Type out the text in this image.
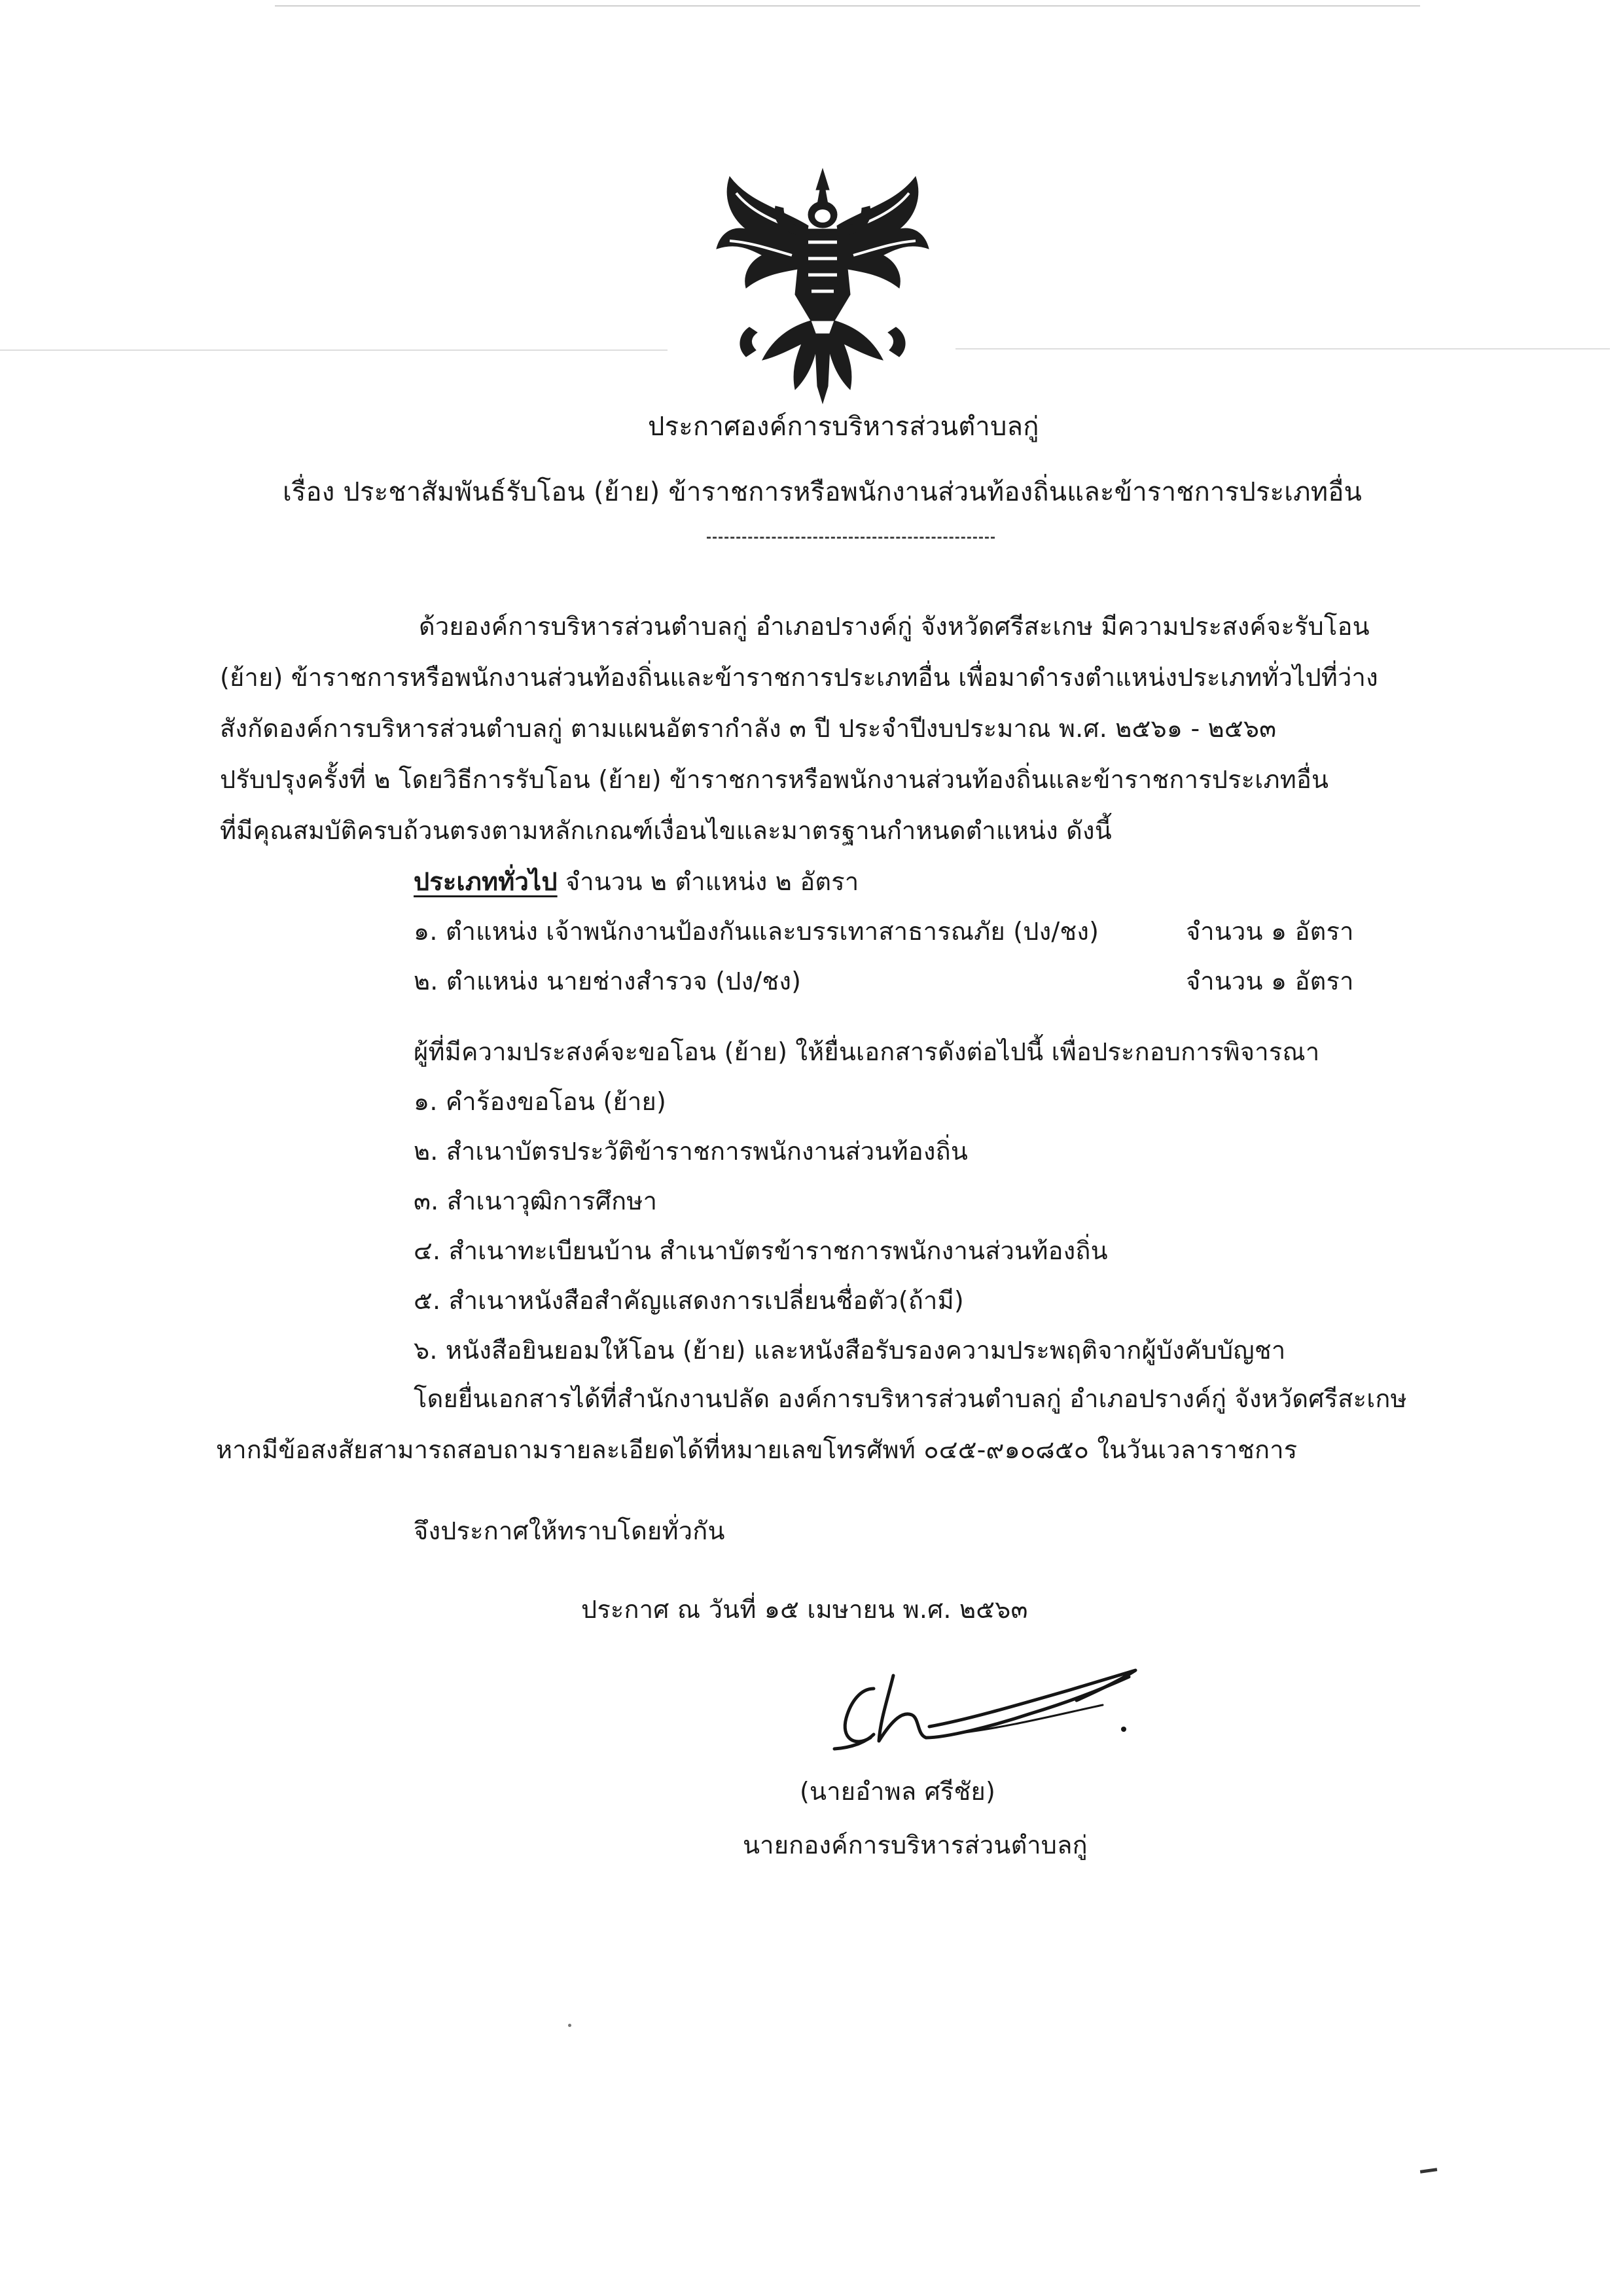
ประกาศองค์การบริหารส่วนตำบลกู่
เรื่อง ประชาสัมพันธ์รับโอน (ย้าย) ข้าราชการหรือพนักงานส่วนท้องถิ่นและข้าราชการประเภทอื่น
ด้วยองค์การบริหารส่วนตำบลกู่ อำเภอปรางค์กู่ จังหวัดศรีสะเกษ มีความประสงค์จะรับโอน
(ย้าย) ข้าราชการหรือพนักงานส่วนท้องถิ่นและข้าราชการประเภทอื่น เพื่อมาดำรงตำแหน่งประเภททั่วไปที่ว่าง
สังกัดองค์การบริหารส่วนตำบลกู่ ตามแผนอัตรากำลัง ๓ ปี ประจำปีงบประมาณ พ.ศ. ๒๕๖๑ - ๒๕๖๓
ปรับปรุงครั้งที่ ๒ โดยวิธีการรับโอน (ย้าย) ข้าราชการหรือพนักงานส่วนท้องถิ่นและข้าราชการประเภทอื่น
ที่มีคุณสมบัติครบถ้วนตรงตามหลักเกณฑ์เงื่อนไขและมาตรฐานกำหนดตำแหน่ง ดังนี้
ประเภททั่วไป จำนวน ๒ ตำแหน่ง ๒ อัตรา
๑. ตำแหน่ง เจ้าพนักงานป้องกันและบรรเทาสาธารณภัย (ปง/ชง)	จำนวน ๑ อัตรา
๒. ตำแหน่ง นายช่างสำรวจ (ปง/ชง)	จำนวน ๑ อัตรา
ผู้ที่มีความประสงค์จะขอโอน (ย้าย) ให้ยื่นเอกสารดังต่อไปนี้ เพื่อประกอบการพิจารณา
๑. คำร้องขอโอน (ย้าย)
๒. สำเนาบัตรประวัติข้าราชการพนักงานส่วนท้องถิ่น
๓. สำเนาวุฒิการศึกษา
๔. สำเนาทะเบียนบ้าน สำเนาบัตรข้าราชการพนักงานส่วนท้องถิ่น
๕. สำเนาหนังสือสำคัญแสดงการเปลี่ยนชื่อตัว(ถ้ามี)
๖. หนังสือยินยอมให้โอน (ย้าย) และหนังสือรับรองความประพฤติจากผู้บังคับบัญชา
โดยยื่นเอกสารได้ที่สำนักงานปลัด องค์การบริหารส่วนตำบลกู่ อำเภอปรางค์กู่ จังหวัดศรีสะเกษ
หากมีข้อสงสัยสามารถสอบถามรายละเอียดได้ที่หมายเลขโทรศัพท์ ๐๔๕-๙๑๐๘๕๐ ในวันเวลาราชการ
จึงประกาศให้ทราบโดยทั่วกัน
ประกาศ ณ วันที่ ๑๕ เมษายน พ.ศ. ๒๕๖๓
(นายอำพล ศรีชัย)
นายกองค์การบริหารส่วนตำบลกู่
